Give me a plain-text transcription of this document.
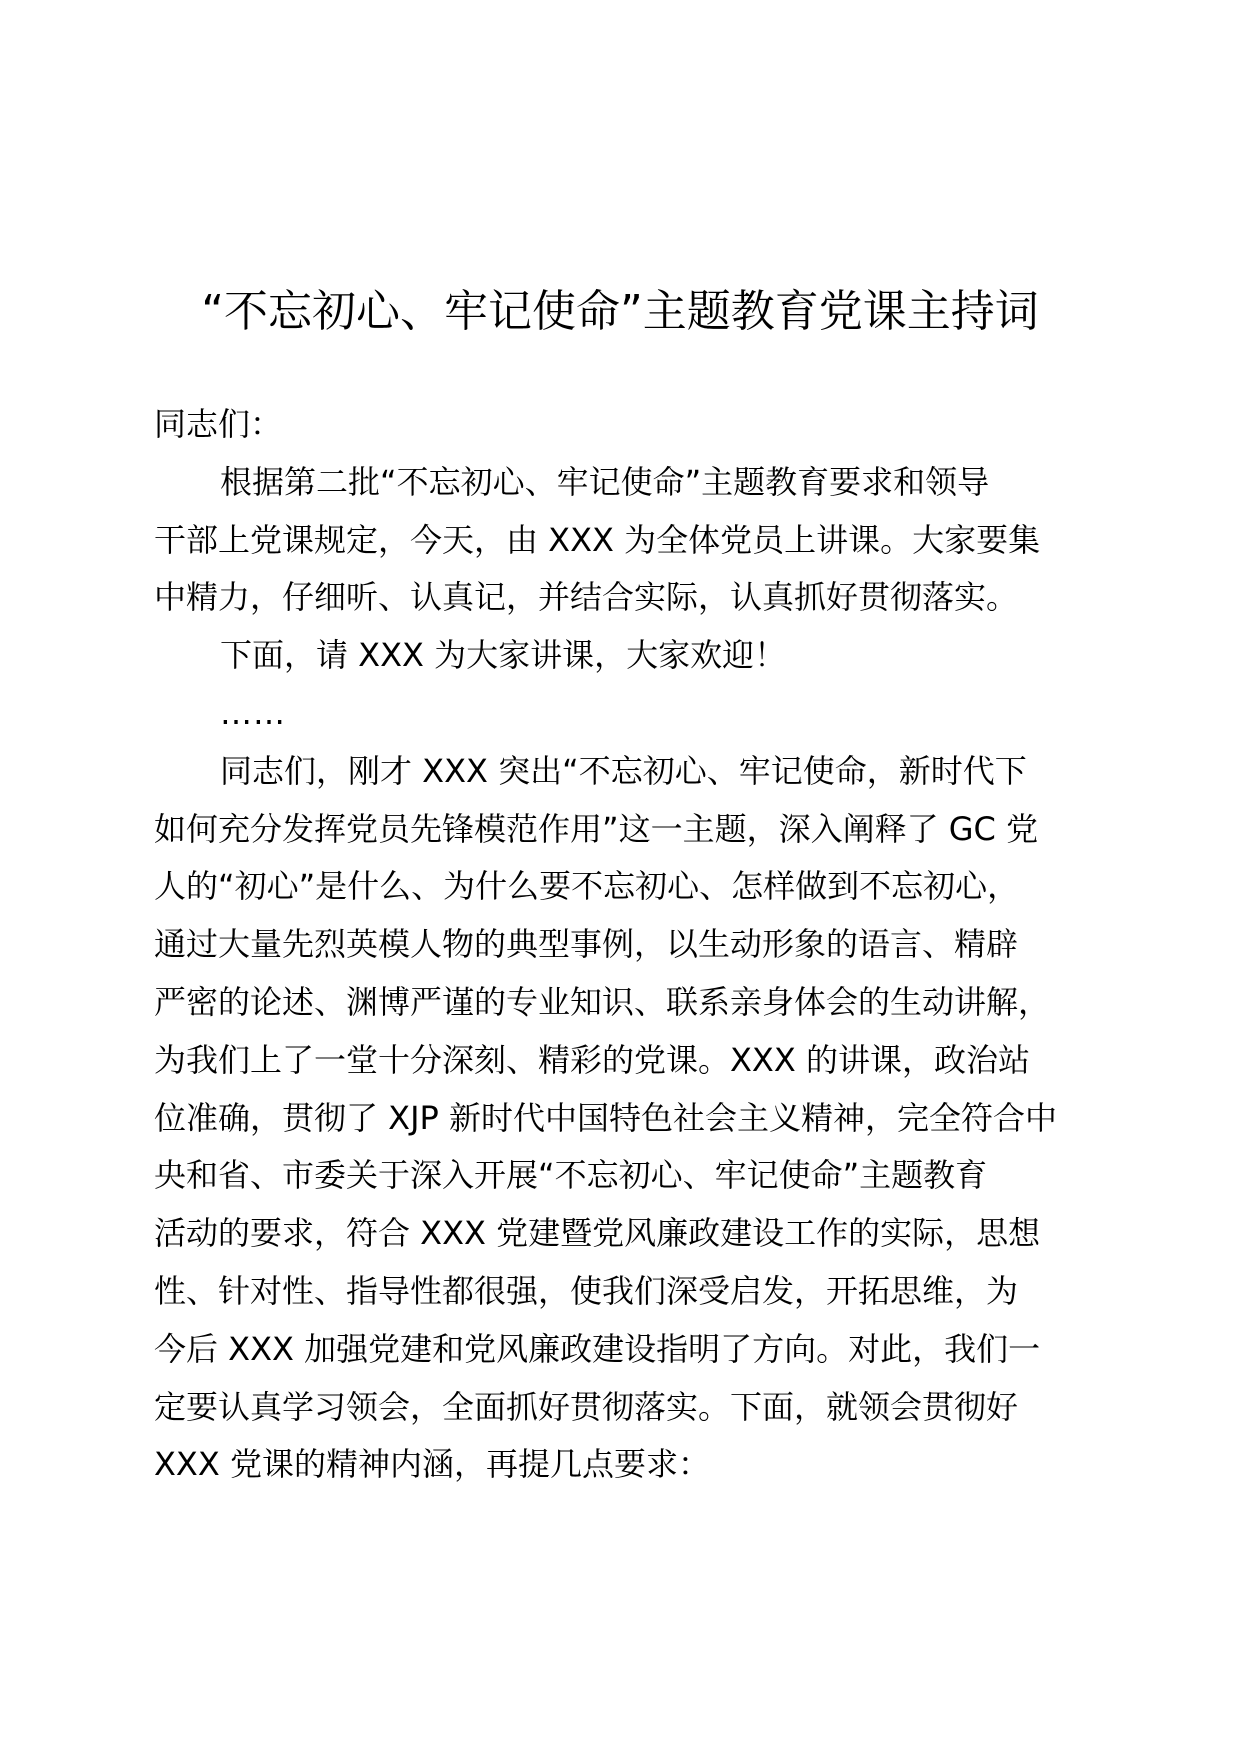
“不忘初心、牢记使命”主题教育党课主持词
同志们：
根据第二批“不忘初心、牢记使命”主题教育要求和领导
干部上党课规定，今天，由 XXX 为全体党员上讲课。大家要集
中精力，仔细听、认真记，并结合实际，认真抓好贯彻落实。
下面，请 XXX 为大家讲课，大家欢迎！
……
同志们，刚才 XXX 突出“不忘初心、牢记使命，新时代下
如何充分发挥党员先锋模范作用”这一主题，深入阐释了 GC 党
人的“初心”是什么、为什么要不忘初心、怎样做到不忘初心，
通过大量先烈英模人物的典型事例，以生动形象的语言、精辟
严密的论述、渊博严谨的专业知识、联系亲身体会的生动讲解，
为我们上了一堂十分深刻、精彩的党课。XXX 的讲课，政治站
位准确，贯彻了 XJP 新时代中国特色社会主义精神，完全符合中
央和省、市委关于深入开展“不忘初心、牢记使命”主题教育
活动的要求，符合 XXX 党建暨党风廉政建设工作的实际，思想
性、针对性、指导性都很强，使我们深受启发，开拓思维，为
今后 XXX 加强党建和党风廉政建设指明了方向。对此，我们一
定要认真学习领会，全面抓好贯彻落实。下面，就领会贯彻好
XXX 党课的精神内涵，再提几点要求：
